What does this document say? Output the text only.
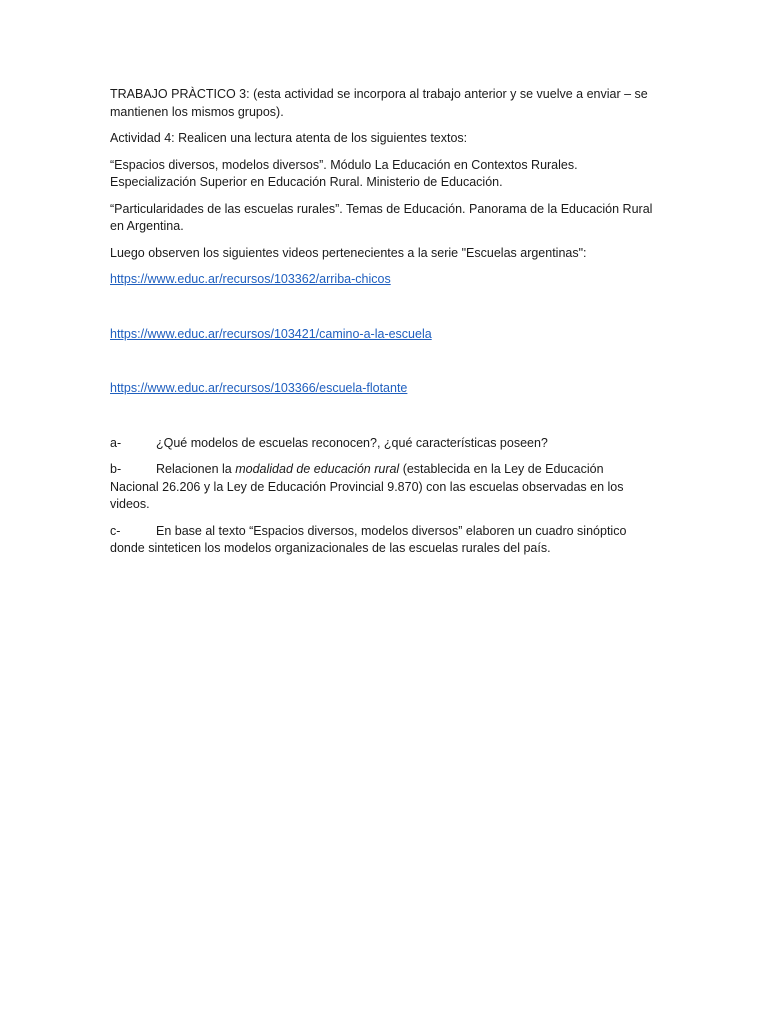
TRABAJO PRÀCTICO 3: (esta actividad se incorpora al trabajo anterior y se vuelve a enviar – se mantienen los mismos grupos).

Actividad 4: Realicen una lectura atenta de los siguientes textos:

“Espacios diversos, modelos diversos”. Módulo La Educación en Contextos Rurales. Especialización Superior en Educación Rural. Ministerio de Educación.

“Particularidades de las escuelas rurales”. Temas de Educación. Panorama de la Educación Rural en Argentina.

Luego observen los siguientes videos pertenecientes a la serie "Escuelas argentinas":

https://www.educ.ar/recursos/103362/arriba-chicos

https://www.educ.ar/recursos/103421/camino-a-la-escuela

https://www.educ.ar/recursos/103366/escuela-flotante

a-	¿Qué modelos de escuelas reconocen?, ¿qué características poseen?
b-	Relacionen la modalidad de educación rural (establecida en la Ley de Educación Nacional 26.206 y la Ley de Educación Provincial 9.870) con las escuelas observadas en los videos.
c-	En base al texto “Espacios diversos, modelos diversos” elaboren un cuadro sinóptico donde sinteticen los modelos organizacionales de las escuelas rurales del país.
